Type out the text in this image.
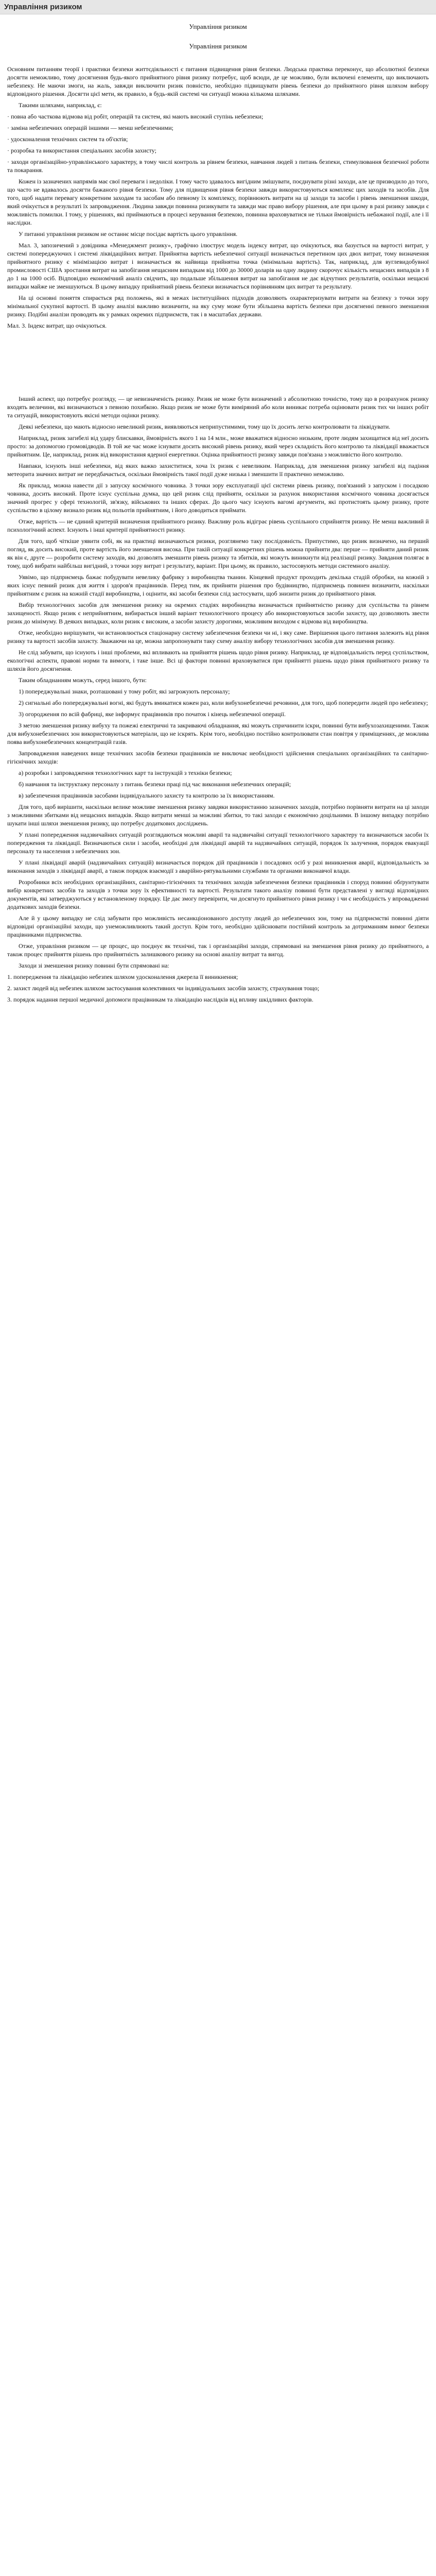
Управління ризиком
Управління ризиком
Управління ризиком

Основним питанням теорії і практики безпеки життєдіяльності є питання підвищення рівня безпеки. Людська практика переконує, що абсолютної безпеки досягти неможливо, тому досягнення будь-якого прийнятного рівня ризику потребує, щоб всюди, де це можливо, були включені елементи, що виключають небезпеку. Не маючи змоги, на жаль, завжди виключити ризик повністю, необхідно підвищувати рівень безпеки до прийнятного рівня шляхом вибору відповідного рішення. Досягти цієї мети, як правило, в будь-якій системі чи ситуації можна кількома шляхами.

Такими шляхами, наприклад, є:

· повна або часткова відмова від робіт, операцій та систем, які мають високий ступінь небезпеки;

· заміна небезпечних операцій іншими — менш небезпечними;

· удосконалення технічних систем та об'єктів;

· розробка та використання спеціальних засобів захисту;

· заходи організаційно-управлінського характеру, в тому числі контроль за рівнем безпеки, навчання людей з питань безпеки, стимулювання безпечної роботи та покарання.

Кожен із зазначених напрямів має свої переваги і недоліки. І тому часто здавалось вигідним змішувати, поєднувати різні заходи, але це призводило до того, що часто не вдавалось досягти бажаного рівня безпеки. Тому для підвищення рівня безпеки завжди використовуються комплекс цих заходів та засобів. Для того, щоб надати перевагу конкретним заходам та засобам або певному їх комплексу, порівнюють витрати на ці заходи та засоби і рівень зменшення шкоди, який очікується в результаті їх запровадження. Людина завжди повинна ризикувати та завжди має право вибору рішення, але при цьому в разі ризику завжди є можливість помилки. І тому, у рішеннях, які приймаються в процесі керування безпекою, повинна враховуватися не тільки ймовірність небажаної події, але і її наслідки.

У питанні управління ризиком не останнє місце посідає вартість цього управління.

Мал. 3, запозичений з довідника «Менеджмент ризику», графічно ілюструє модель індексу витрат, що очікуються, яка базується на вартості витрат, у системі попереджуючих і системі ліквідаційних витрат. Прийнятна вартість небезпечної ситуації визначається перетином цих двох витрат, тому визначення прийнятного ризику є мінімізацією витрат і визначається як найвища прийнятна точка (мінімальна вартість). Так, наприклад, для вуглевидобувної промисловості США зростання витрат на запобігання нещасним випадкам від 1000 до 30000 доларів на одну людину скорочує кількість нещасних випадків з 8 до 1 на 1000 осіб. Відповідно економічний аналіз свідчить, що подальше збільшення витрат на запобігання не дає відчутних результатів, оскільки нещасні випадки майже не зменшуються. В цьому випадку прийнятний рівень безпеки визначається порівнянням цих витрат та результату.

На ці основні поняття спирається ряд положень, які в межах інституційних підходів дозволяють охарактеризувати витрати на безпеку з точки зору мінімальної сукупної вартості. В цьому аналізі важливо визначити, на яку суму може бути збільшена вартість безпеки при досягненні певного зменшення ризику. Подібні аналізи проводять як у рамках окремих підприємств, так і в масштабах держави.

Мал. 3. Індекс витрат, що очікуються.

Інший аспект, що потребує розгляду, — це невизначеність ризику. Ризик не може бути визначений з абсолютною точністю, тому що в розрахунок ризику входять величини, які визначаються з певною похибкою. Якщо ризик не може бути виміряний або коли виникає потреба оцінювати ризик тих чи інших робіт та ситуацій, використовують якісні методи оцінки ризику.

Деякі небезпеки, що мають відносно невеликий ризик, виявляються неприпустимими, тому що їх досить легко контролювати та ліквідувати.

Наприклад, ризик загибелі від удару блискавки, ймовірність якого 1 на 14 млн., може вважатися відносно низьким, проте людям захищатися від неї досить просто: за допомогою громовідводів. В той же час може існувати досить високий рівень ризику, який через складність його контролю та ліквідації вважається прийнятним. Це, наприклад, ризик від використання ядерної енергетики. Оцінка прийнятності ризику завжди пов'язана з можливістю його контролю.

Навпаки, існують інші небезпеки, від яких важко захиститися, хоча їх ризик є невеликим. Наприклад, для зменшення ризику загибелі від падіння метеорита значних витрат не передбачається, оскільки ймовірність такої події дуже низька і зменшити її практично неможливо.

Як приклад, можна навести дії з запуску космічного човника. З точки зору експлуатації цієї системи рівень ризику, пов'язаний з запуском і посадкою човника, досить високий. Проте існує суспільна думка, що цей ризик слід прийняти, оскільки за рахунок використання космічного човника досягається значний прогрес у сфері технологій, зв'язку, військових та інших сферах. До цього часу існують вагомі аргументи, які протистоять цьому ризику, проте суспільство в цілому визнало ризик від польотів прийнятним, і його доводиться приймати.

Отже, вартість — не єдиний критерій визначення прийнятного ризику. Важливу роль відіграє рівень суспільного сприйняття ризику. Не менш важливий й психологічний аспект. Існують і інші критерії прийнятності ризику.

Для того, щоб чіткіше уявити собі, як на практиці визначаються ризики, розглянемо таку послідовність. Припустимо, що ризик визначено, на перший погляд, як досить високий, проте вартість його зменшення висока. При такій ситуації конкретних рішень можна прийняти два: перше — прийняти даний ризик як він є, друге — розробити систему заходів, які дозволять зменшити рівень ризику та збитків, які можуть виникнути від реалізації ризику. Завдання полягає в тому, щоб вибрати найбільш вигідний, з точки зору витрат і результату, варіант. При цьому, як правило, застосовують методи системного аналізу.

Уявімо, що підприємець бажає побудувати невелику фабрику з виробництва тканин. Кінцевий продукт проходить декілька стадій обробки, на кожній з яких існує певний ризик для життя і здоров'я працівників. Перед тим, як прийняти рішення про будівництво, підприємець повинен визначити, наскільки прийнятним є ризик на кожній стадії виробництва, і оцінити, які засоби безпеки слід застосувати, щоб знизити ризик до прийнятного рівня.

Вибір технологічних засобів для зменшення ризику на окремих стадіях виробництва визначається прийнятністю ризику для суспільства та рівнем захищеності. Якщо ризик є неприйнятним, вибирається інший варіант технологічного процесу або використовуються засоби захисту, що дозволяють звести ризик до мінімуму. В деяких випадках, коли ризик є високим, а засоби захисту дорогими, можливим виходом є відмова від виробництва.

Отже, необхідно вирішувати, чи встановлюється стаціонарну систему забезпечення безпеки чи ні, і яку саме. Вирішення цього питання залежить від рівня ризику та вартості засобів захисту. Зважаючи на це, можна запропонувати таку схему аналізу вибору технологічних засобів для зменшення ризику.

Не слід забувати, що існують і інші проблеми, які впливають на прийняття рішень щодо рівня ризику. Наприклад, це відповідальність перед суспільством, екологічні аспекти, правові норми та вимоги, і таке інше. Всі ці фактори повинні враховуватися при прийнятті рішень щодо рівня прийнятного ризику та шляхів його досягнення.

Таким обладнанням можуть, серед іншого, бути:

1) попереджувальні знаки, розташовані у тому робіт, які загрожують персоналу;

2) сигнальні або попереджувальні вогні, які будуть вмикатися кожен раз, коли вибухонебезпечні речовини, для того, щоб попередити людей про небезпеку;

3) огородження по всій фабриці, яке інформує працівників про початок і кінець небезпечної операції.

З метою зменшення ризику вибуху та пожежі електричні та закриваючі обладнання, які можуть спричинити іскри, повинні бути вибухозахищеними. Також для вибухонебезпечних зон використовуються матеріали, що не іскрять. Крім того, необхідно постійно контролювати стан повітря у приміщеннях, де можлива поява вибухонебезпечних концентрацій газів.

Запровадження наведених вище технічних засобів безпеки працівників не виключає необхідності здійснення спеціальних організаційних та санітарно-гігієнічних заходів:

а) розробки і запровадження технологічних карт та інструкцій з техніки безпеки;

б) навчання та інструктажу персоналу з питань безпеки праці під час виконання небезпечних операцій;

в) забезпечення працівників засобами індивідуального захисту та контролю за їх використанням.

Для того, щоб вирішити, наскільки велике можливе зменшення ризику завдяки використанню зазначених заходів, потрібно порівняти витрати на ці заходи з можливими збитками від нещасних випадків. Якщо витрати менші за можливі збитки, то такі заходи є економічно доцільними. В іншому випадку потрібно шукати інші шляхи зменшення ризику, що потребує додаткових досліджень.

У плані попередження надзвичайних ситуацій розглядаються можливі аварії та надзвичайні ситуації технологічного характеру та визначаються засоби їх попередження та ліквідації. Визначаються сили і засоби, необхідні для ліквідації аварій та надзвичайних ситуацій, порядок їх залучення, порядок евакуації персоналу та населення з небезпечних зон.

У плані ліквідації аварій (надзвичайних ситуацій) визначається порядок дій працівників і посадових осіб у разі виникнення аварії, відповідальність за виконання заходів з ліквідації аварії, а також порядок взаємодії з аварійно-рятувальними службами та органами виконавчої влади.

Розробники всіх необхідних організаційних, санітарно-гігієнічних та технічних заходів забезпечення безпеки працівників і споруд повинні обґрунтувати вибір конкретних засобів та заходів з точки зору їх ефективності та вартості. Результати такого аналізу повинні бути представлені у вигляді відповідних документів, які затверджуються у встановленому порядку. Це дає змогу перевірити, чи досягнуто прийнятного рівня ризику і чи є необхідність у впровадженні додаткових заходів безпеки.

Але й у цьому випадку не слід забувати про можливість несанкціонованого доступу людей до небезпечних зон, тому на підприємстві повинні діяти відповідні організаційні заходи, що унеможливлюють такий доступ. Крім того, необхідно здійснювати постійний контроль за дотриманням вимог безпеки працівниками підприємства.

Отже, управління ризиком — це процес, що поєднує як технічні, так і організаційні заходи, спрямовані на зменшення рівня ризику до прийнятного, а також процес прийняття рішень про прийнятність залишкового ризику на основі аналізу витрат та вигод.

Заходи зі зменшення ризику повинні бути спрямовані на:

1. попередження та ліквідацію небезпек шляхом удосконалення джерела її виникнення;

2. захист людей від небезпек шляхом застосування колективних чи індивідуальних засобів захисту, страхування тощо;

3. порядок надання першої медичної допомоги працівникам та ліквідацію наслідків від впливу шкідливих факторів.
